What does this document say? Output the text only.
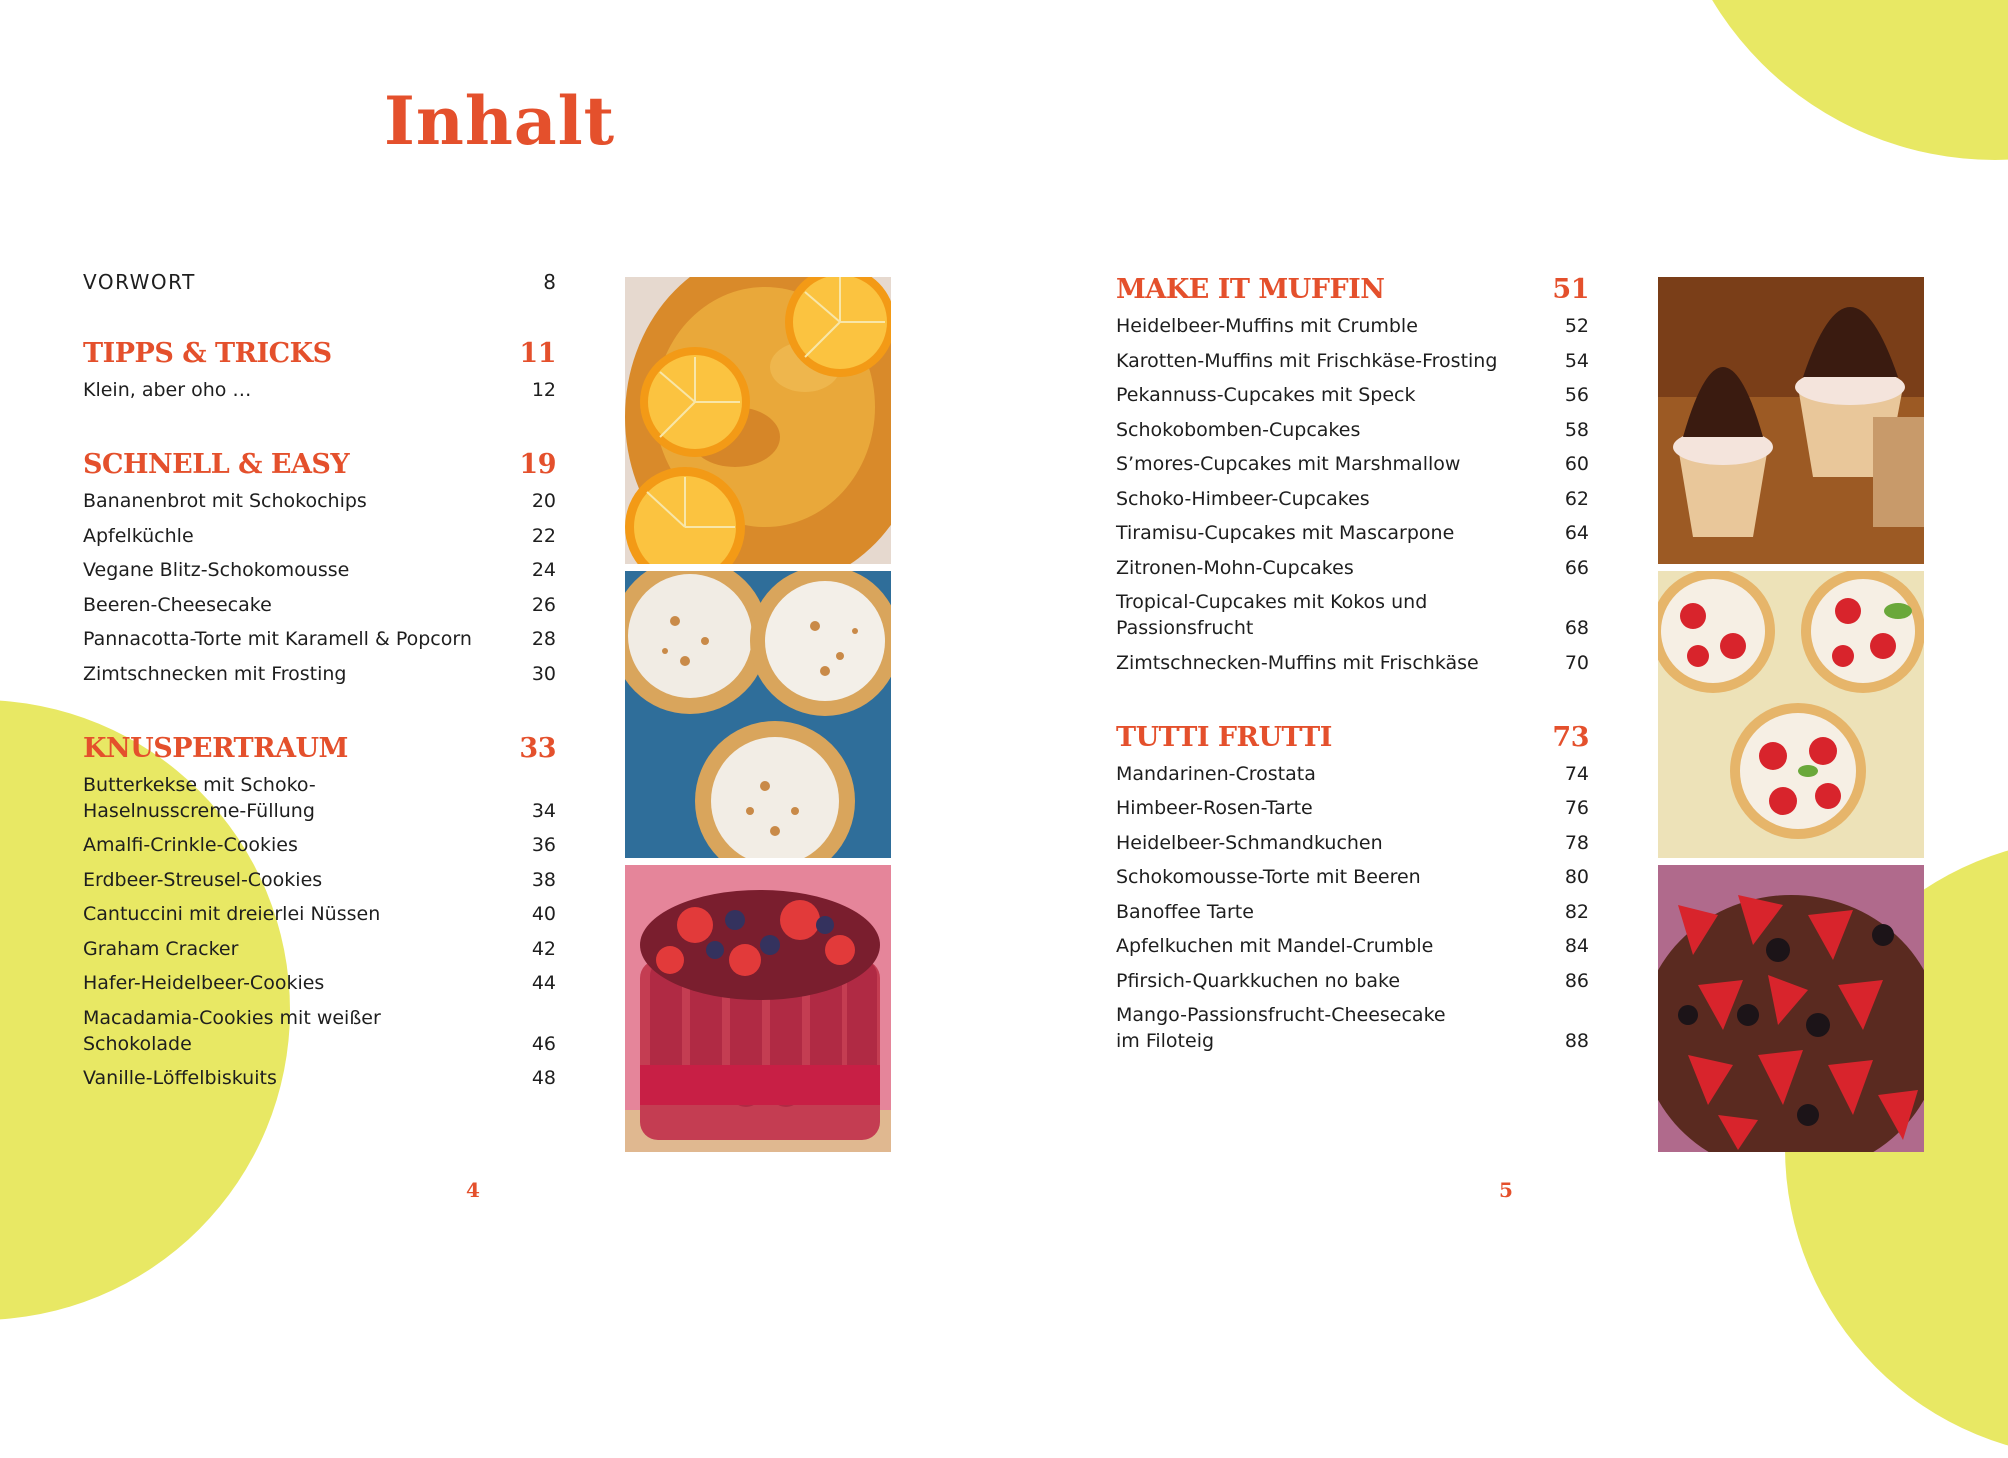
Inhalt
VORWORT	8
TIPPS & TRICKS	11
Klein, aber oho …	12
SCHNELL & EASY	19
Bananenbrot mit Schokochips	20
Apfelküchle	22
Vegane Blitz-Schokomousse	24
Beeren-Cheesecake	26
Pannacotta-Torte mit Karamell & Popcorn	28
Zimtschnecken mit Frosting	30
KNUSPERTRAUM	33
Butterkekse mit Schoko-
Haselnusscreme-Füllung	34
Amalfi-Crinkle-Cookies	36
Erdbeer-Streusel-Cookies	38
Cantuccini mit dreierlei Nüssen	40
Graham Cracker	42
Hafer-Heidelbeer-Cookies	44
Macadamia-Cookies mit weißer Schokolade	46
Vanille-Löffelbiskuits	48
MAKE IT MUFFIN	51
Heidelbeer-Muffins mit Crumble	52
Karotten-Muffins mit Frischkäse-Frosting	54
Pekannuss-Cupcakes mit Speck	56
Schokobomben-Cupcakes	58
S’mores-Cupcakes mit Marshmallow	60
Schoko-Himbeer-Cupcakes	62
Tiramisu-Cupcakes mit Mascarpone	64
Zitronen-Mohn-Cupcakes	66
Tropical-Cupcakes mit Kokos und
Passionsfrucht	68
Zimtschnecken-Muffins mit Frischkäse	70
TUTTI FRUTTI	73
Mandarinen-Crostata	74
Himbeer-Rosen-Tarte	76
Heidelbeer-Schmandkuchen	78
Schokomousse-Torte mit Beeren	80
Banoffee Tarte	82
Apfelkuchen mit Mandel-Crumble	84
Pfirsich-Quarkkuchen no bake	86
Mango-Passionsfrucht-Cheesecake
im Filoteig	88
4	5
